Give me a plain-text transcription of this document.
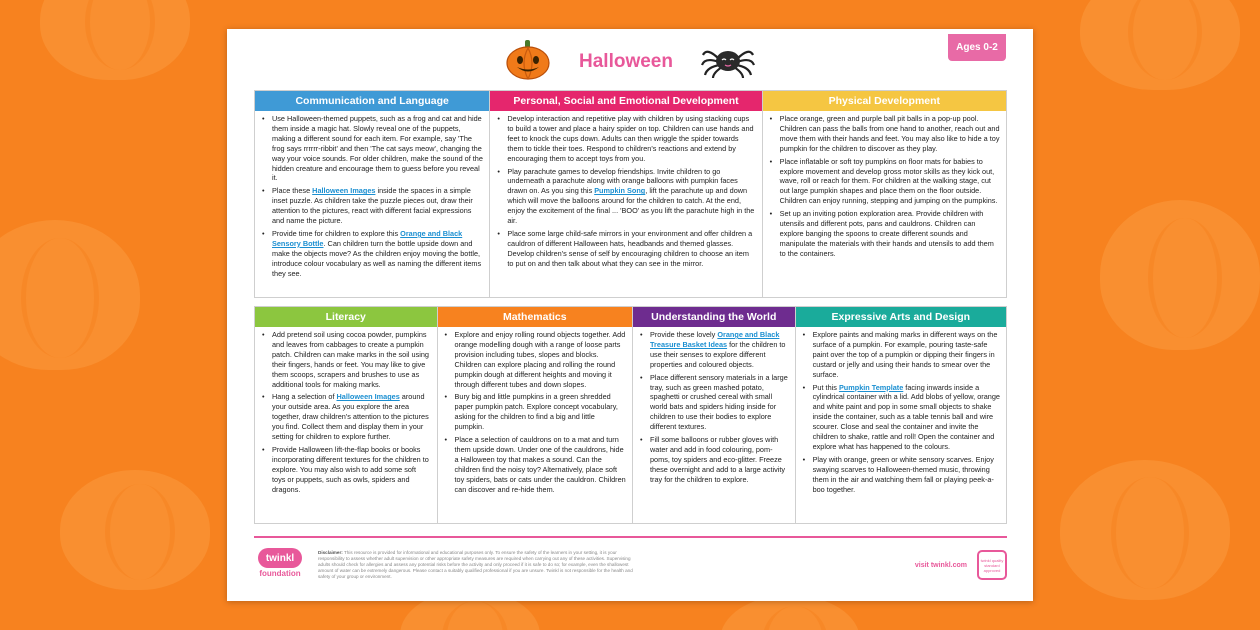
Ages 0-2
Halloween
Communication and Language
• Use Halloween-themed puppets, such as a frog and cat and hide them inside a magic hat. Slowly reveal one of the puppets, making a different sound for each item. For example, say 'The frog says rrrrrr-ribbit' and then 'The cat says meow', changing the way your voice sounds. For older children, make the sound of the hidden creature and encourage them to guess before you reveal it.
• Place these Halloween Images inside the spaces in a simple inset puzzle. As children take the puzzle pieces out, draw their attention to the pictures, react with different facial expressions and name the picture.
• Provide time for children to explore this Orange and Black Sensory Bottle. Can children turn the bottle upside down and make the objects move? As the children enjoy moving the bottle, introduce colour vocabulary as well as naming the different items they see.
Personal, Social and Emotional Development
• Develop interaction and repetitive play with children by using stacking cups to build a tower and place a hairy spider on top. Children can use hands and feet to knock the cups down. Adults can then wriggle the spider towards them to tickle their toes. Respond to children's reactions and extend by encouraging them to accept toys from you.
• Play parachute games to develop friendships. Invite children to go underneath a parachute along with orange balloons with pumpkin faces drawn on. As you sing this Pumpkin Song, lift the parachute up and down which will move the balloons around for the children to catch. At the end, enjoy the excitement of the final ... 'BOO' as you lift the parachute high in the air.
• Place some large child-safe mirrors in your environment and offer children a cauldron of different Halloween hats, headbands and themed glasses. Develop children's sense of self by encouraging children to choose an item to put on and then talk about what they can see in the mirror.
Physical Development
• Place orange, green and purple ball pit balls in a pop-up pool. Children can pass the balls from one hand to another, reach out and move them with their hands and feet. You may also like to hide a toy pumpkin for the children to discover as they play.
• Place inflatable or soft toy pumpkins on floor mats for babies to explore movement and develop gross motor skills as they kick out, wave, roll or reach for them. For children at the walking stage, cut out large pumpkin shapes and place them on the floor outside. Children can enjoy running, stepping and jumping on the pumpkins.
• Set up an inviting potion exploration area. Provide children with utensils and different pots, pans and cauldrons. Children can explore banging the spoons to create different sounds and manipulate the materials with their hands and utensils to add them to the containers.
Literacy
• Add pretend soil using cocoa powder, pumpkins and leaves from cabbages to create a pumpkin patch. Children can make marks in the soil using their fingers, hands or feet. You may like to give them scoops, scrapers and brushes to use as additional tools for making marks.
• Hang a selection of Halloween Images around your outside area. As you explore the area together, draw children's attention to the pictures you find. Collect them and display them in your setting for children to explore further.
• Provide Halloween lift-the-flap books or books incorporating different textures for the children to explore. You may also wish to add some soft toys or puppets, such as owls, spiders and dragons.
Mathematics
• Explore and enjoy rolling round objects together. Add orange modelling dough with a range of loose parts provision including tubes, slopes and blocks. Children can explore placing and rolling the round pumpkin dough at different heights and moving it through different tubes and down slopes.
• Bury big and little pumpkins in a green shredded paper pumpkin patch. Explore concept vocabulary, asking for the children to find a big and little pumpkin.
• Place a selection of cauldrons on to a mat and turn them upside down. Under one of the cauldrons, hide a Halloween toy that makes a sound. Can the children find the noisy toy? Alternatively, place soft toy spiders, bats or cats under the cauldron. Children can discover and re-hide them.
Understanding the World
• Provide these lovely Orange and Black Treasure Basket Ideas for the children to use their senses to explore different properties and coloured objects.
• Place different sensory materials in a large tray, such as green mashed potato, spaghetti or crushed cereal with small world bats and spiders hiding inside for children to use their bodies to explore different textures.
• Fill some balloons or rubber gloves with water and add in food colouring, pom-poms, toy spiders and eco-glitter. Freeze these overnight and add to a large activity tray for the children to explore.
Expressive Arts and Design
• Explore paints and making marks in different ways on the surface of a pumpkin. For example, pouring taste-safe paint over the top of a pumpkin or dipping their fingers in custard or jelly and using their hands to smear over the surface.
• Put this Pumpkin Template facing inwards inside a cylindrical container with a lid. Add blobs of yellow, orange and white paint and pop in some small objects to shake inside the container, such as a table tennis ball and wire scourer. Close and seal the container and invite the children to shake, rattle and roll! Open the container and explore what has happened to the colours.
• Play with orange, green or white sensory scarves. Enjoy swaying scarves to Halloween-themed music, throwing them in the air and watching them fall or playing peek-a-boo together.
twinkl
foundation
Disclaimer: This resource is provided for informational and educational purposes only. To ensure the safety of the learners in your setting, it is your responsibility to assess whether adult supervision or other appropriate safety measures are required when carrying out any of these activities. Supervising adults should check for allergies and assess any potential risks before the activity and only proceed if it is safe to do so; for example, even the shallowest amount of water can be extremely dangerous. Please contact a suitably qualified professional if you are unsure. Twinkl is not responsible for the health and safety of your group or environment.
visit twinkl.com
twinkl quality standard approved
